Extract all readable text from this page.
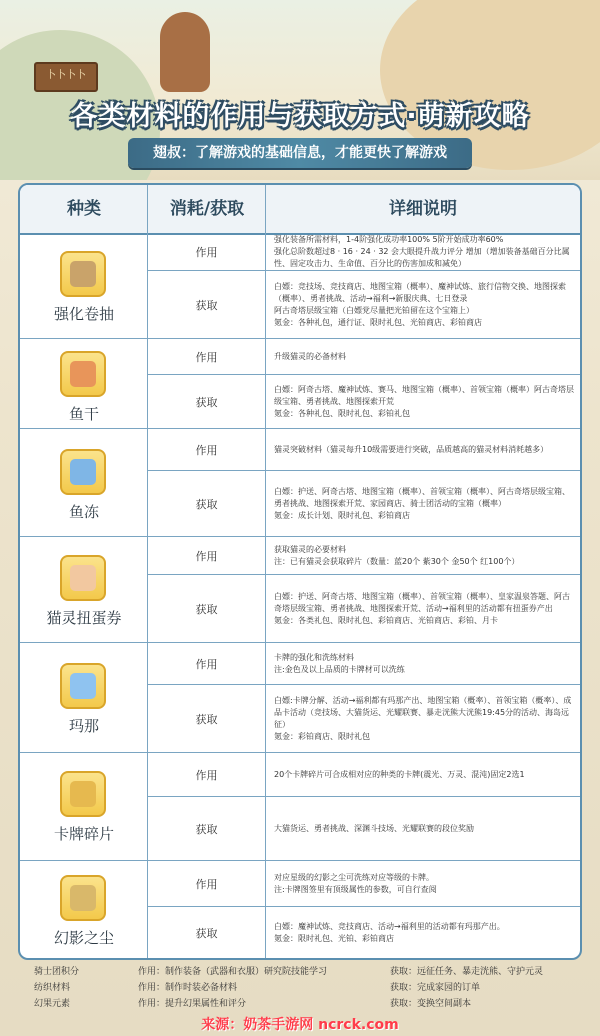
卜卜卜卜
各类材料的作用与获取方式·萌新攻略
翅叔：了解游戏的基础信息，才能更快了解游戏
种类	消耗/获取	详细说明
强化卷抽
作用
强化装备所需材料，1-4阶强化成功率100% 5阶开始成功率60%
强化总阶数超过8 · 16 · 24 · 32 会大眼提升战力评分 增加（增加装备基础百分比属性、固定攻击力、生命值、百分比的伤害加成和减免）
获取
白嫖：竞技场、竞技商店、地图宝箱（概率）、魔神试炼、旅行信物交换、地图探索（概率）、勇者挑战、活动→福利→新服庆典、七日登录
阿古奇塔层级宝箱（白嫖党尽量把光铂留在这个宝箱上）
氪金：各种礼包，通行证、限时礼包、光铂商店、彩铂商店
鱼干
作用	升级猫灵的必备材料
获取
白嫖：阿奇古塔、魔神试炼、赛马、地图宝箱（概率）、首领宝箱（概率）阿古奇塔层级宝箱、勇者挑战、地图探索开荒
氪金：各种礼包、限时礼包、彩铂礼包
鱼冻
作用	猫灵突破材料（猫灵每升10级需要进行突破，品质越高的猫灵材料消耗越多）
获取
白嫖：护送、阿奇古塔、地图宝箱（概率）、首领宝箱（概率）、阿古奇塔层级宝箱、勇者挑战、地图探索开荒、家园商店、骑士团活动的宝箱（概率）
氪金：成长计划、限时礼包、彩铂商店
猫灵扭蛋券
作用
获取猫灵的必要材料
注：已有猫灵会获取碎片（数量：蓝20个 紫30个 金50个 红100个）
获取
白嫖：护送、阿奇古塔、地图宝箱（概率）、首领宝箱（概率）、皇家温泉答题、阿古奇塔层级宝箱、勇者挑战、地图探索开荒、活动→福利里的活动都有扭蛋券产出
氪金：各类礼包、限时礼包、彩铂商店、光铂商店、彩铂、月卡
玛那
作用
卡牌的强化和洗练材料
注:金色及以上品质的卡牌材可以洗练
获取
白嫖:卡牌分解、活动→福利都有玛那产出、地图宝箱（概率）、首领宝箱（概率）、成品卡活动（竞技场、大猫货运、光耀联赛、暴走洸熊大洸熊19:45分的活动、海岛远征）
氪金：彩铂商店、限时礼包
卡牌碎片
作用	20个卡牌碎片可合成相对应的种类的卡牌(震光、万灵、混沌)固定2选1
获取	大猫货运、勇者挑战、深渊斗技场、光耀联赛的段位奖励
幻影之尘
作用
对应星级的幻影之尘可洗练对应等级的卡牌。
注:卡牌图签里有顶级属性的参数，可自行查阅
获取
白嫖：魔神试炼、竞技商店、活动→福利里的活动都有玛那产出。
氪金：限时礼包、光铂、彩铂商店
骑士团积分	作用：制作装备（武器和衣服）研究院技能学习	获取：远征任务、暴走洸熊、守护元灵
纺织材料	作用：制作时装必备材料	获取：完成家园的订单
幻果元素	作用：提升幻果属性和评分	获取：变换空间副本
来源：奶茶手游网 ncrck.com
